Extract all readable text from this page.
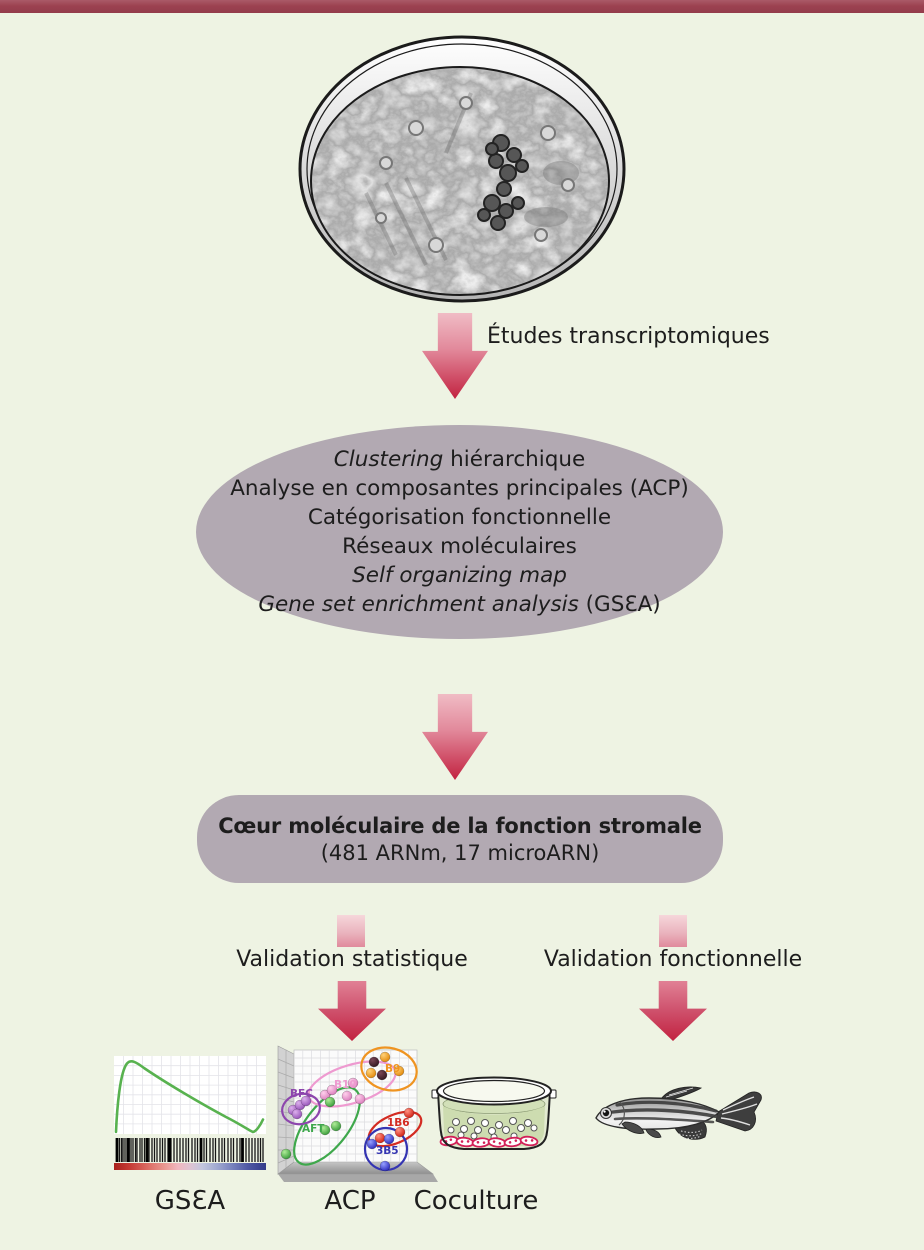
Études transcriptomiques
Clustering hiérarchique
Analyse en composantes principales (ACP)
Catégorisation fonctionnelle
Réseaux moléculaires
Self organizing map
Gene set enrichment analysis (GSƐA)
Cœur moléculaire de la fonction stromale
(481 ARNm, 17 microARN)
Validation statistique	Validation fonctionnelle
B9
B10
BFC
AFT	1B6
3B5
GSƐA	ACP	Coculture
